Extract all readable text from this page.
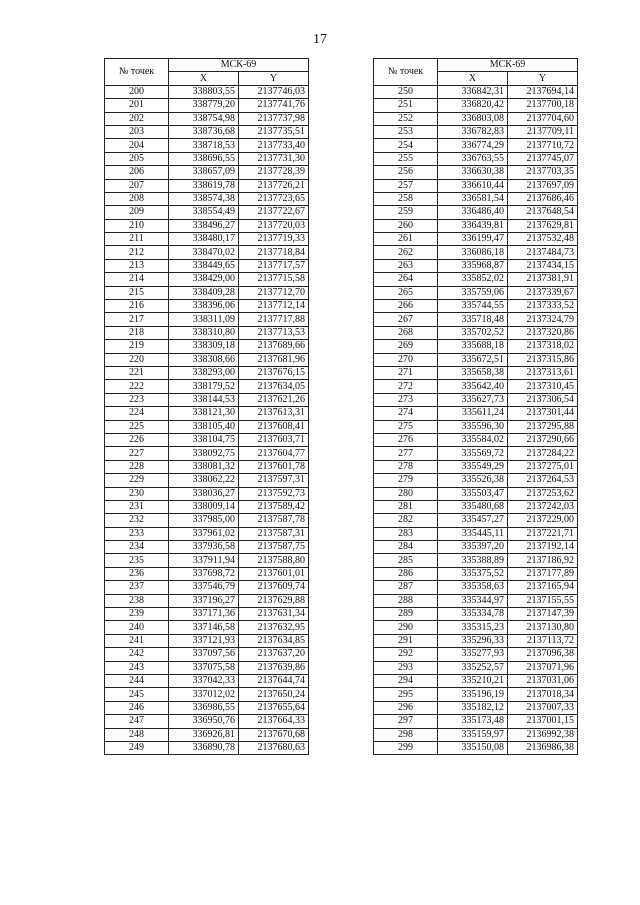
17
№ точек	МСК-69	
	X	Y
200	338803,55	2137746,03
201	338779,20	2137741,76
202	338754,98	2137737,98
203	338736,68	2137735,51
204	338718,53	2137733,40
205	338696,55	2137731,30
206	338657,09	2137728,39
207	338619,78	2137726,21
208	338574,38	2137723,65
209	338554,49	2137722,67
210	338496,27	2137720,03
211	338480,17	2137719,33
212	338470,02	2137718,84
213	338449,65	2137717,57
214	338429,00	2137715,58
215	338409,28	2137712,70
216	338396,06	2137712,14
217	338311,09	2137717,88
218	338310,80	2137713,53
219	338309,18	2137689,66
220	338308,66	2137681,96
221	338293,00	2137676,15
222	338179,52	2137634,05
223	338144,53	2137621,26
224	338121,30	2137613,31
225	338105,40	2137608,41
226	338104,75	2137603,71
227	338092,75	2137604,77
228	338081,32	2137601,78
229	338062,22	2137597,31
230	338036,27	2137592,73
231	338009,14	2137589,42
232	337985,00	2137587,78
233	337961,02	2137587,31
234	337936,58	2137587,75
235	337911,94	2137588,80
236	337698,72	2137601,01
237	337546,79	2137609,74
238	337196,27	2137629,88
239	337171,36	2137631,34
240	337146,58	2137632,95
241	337121,93	2137634,85
242	337097,56	2137637,20
243	337075,58	2137639,86
244	337042,33	2137644,74
245	337012,02	2137650,24
246	336986,55	2137655,64
247	336950,76	2137664,33
248	336926,81	2137670,68
249	336890,78	2137680,63
№ точек	МСК-69	
	X	Y
250	336842,31	2137694,14
251	336820,42	2137700,18
252	336803,08	2137704,60
253	336782,83	2137709,11
254	336774,29	2137710,72
255	336763,55	2137745,07
256	336630,38	2137703,35
257	336610,44	2137697,09
258	336581,54	2137686,46
259	336486,40	2137648,54
260	336439,81	2137629,81
261	336199,47	2137532,48
262	336086,18	2137484,73
263	335968,87	2137434,15
264	335852,02	2137381,91
265	335759,06	2137339,67
266	335744,55	2137333,52
267	335718,48	2137324,79
268	335702,52	2137320,86
269	335688,18	2137318,02
270	335672,51	2137315,86
271	335658,38	2137313,61
272	335642,40	2137310,45
273	335627,73	2137306,54
274	335611,24	2137301,44
275	335596,30	2137295,88
276	335584,02	2137290,66
277	335569,72	2137284,22
278	335549,29	2137275,01
279	335526,38	2137264,53
280	335503,47	2137253,62
281	335480,68	2137242,03
282	335457,27	2137229,00
283	335445,11	2137221,71
284	335397,20	2137192,14
285	335388,89	2137186,92
286	335375,52	2137177,89
287	335358,63	2137165,94
288	335344,97	2137155,55
289	335334,78	2137147,39
290	335315,23	2137130,80
291	335296,33	2137113,72
292	335277,93	2137096,38
293	335252,57	2137071,96
294	335210,21	2137031,06
295	335196,19	2137018,34
296	335182,12	2137007,33
297	335173,48	2137001,15
298	335159,97	2136992,38
299	335150,08	2136986,38
